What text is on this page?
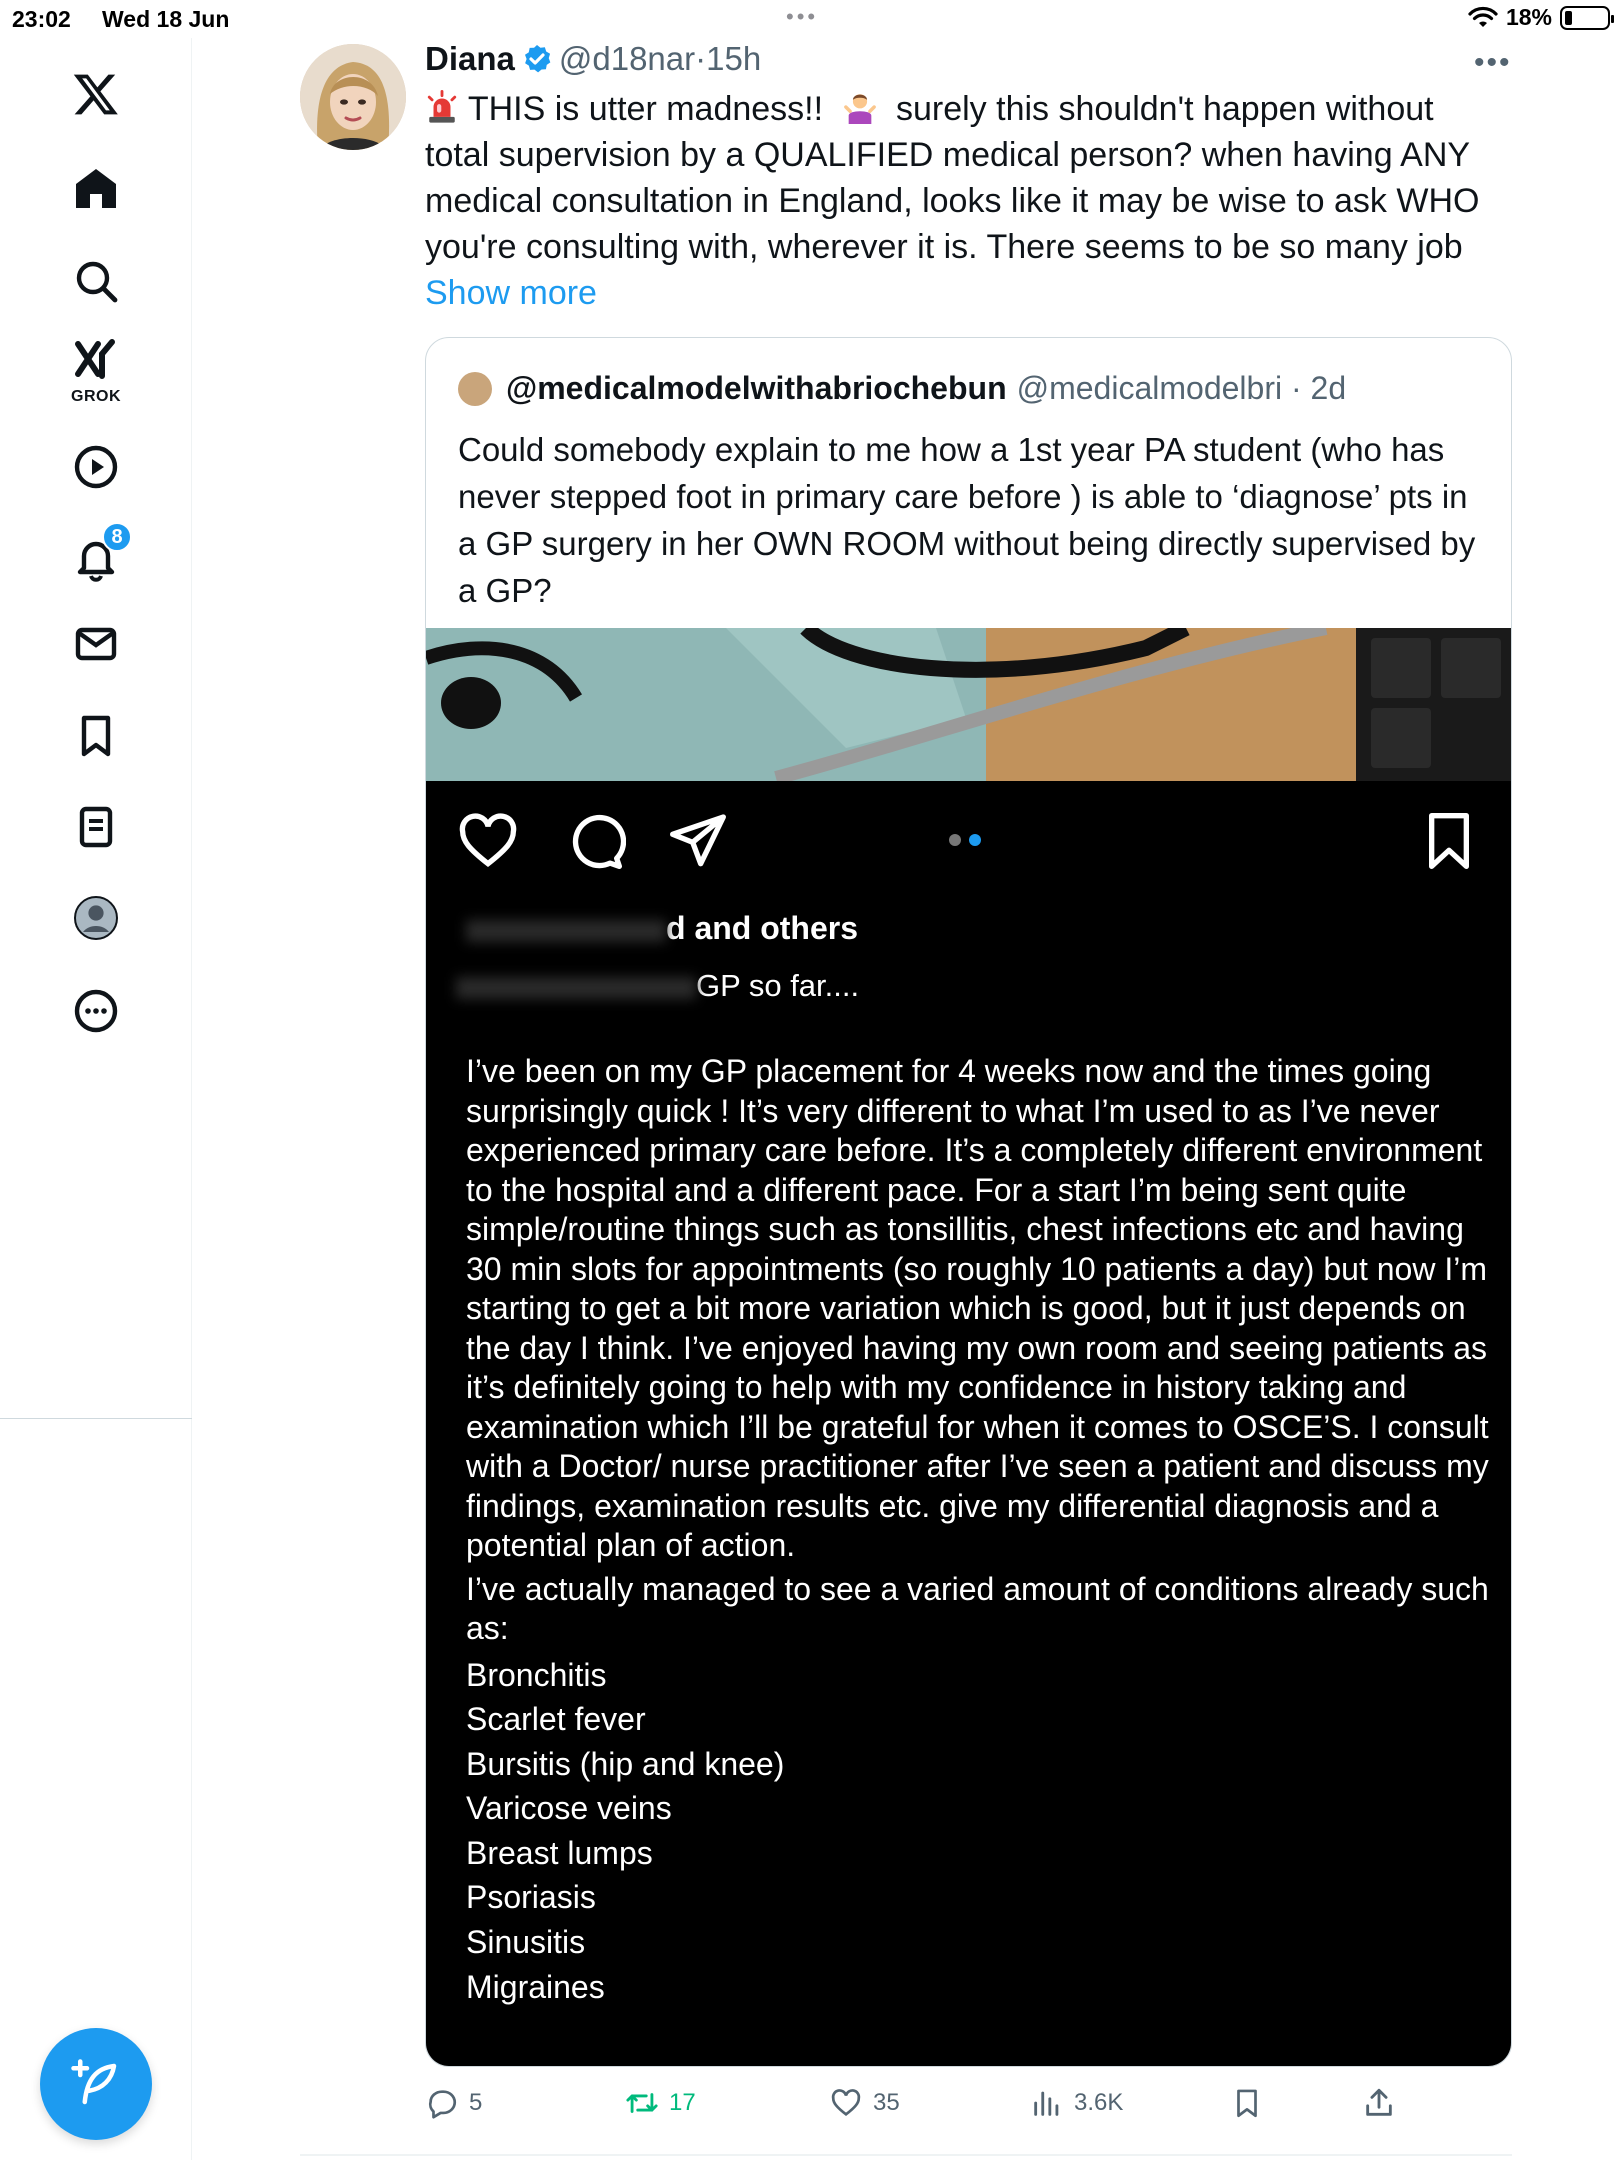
23:02 Wed 18 Jun	•••	18%
GROK
8
Diana @d18nar · 15h	•••
THIS is utter madness!! surely this shouldn't happen without total supervision by a QUALIFIED medical person? when having ANY medical consultation in England, looks like it may be wise to ask WHO you're consulting with, wherever it is. There seems to be so many job Show more
@medicalmodelwithabriochebun @medicalmodelbri · 2d
Could somebody explain to me how a 1st year PA student (who has never stepped foot in primary care before ) is able to ‘diagnose’ pts in a GP surgery in her OWN ROOM without being directly supervised by a GP?
d and others
GP so far....
I’ve been on my GP placement for 4 weeks now and the times going surprisingly quick ! It’s very different to what I’m used to as I’ve never experienced primary care before. It’s a completely different environment to the hospital and a different pace. For a start I’m being sent quite simple/routine things such as tonsillitis, chest infections etc and having 30 min slots for appointments (so roughly 10 patients a day) but now I’m starting to get a bit more variation which is good, but it just depends on the day I think. I’ve enjoyed having my own room and seeing patients as it’s definitely going to help with my confidence in history taking and examination which I’ll be grateful for when it comes to OSCE’S. I consult with a Doctor/ nurse practitioner after I’ve seen a patient and discuss my findings, examination results etc. give my differential diagnosis and a potential plan of action.
I’ve actually managed to see a varied amount of conditions already such as:
Bronchitis
Scarlet fever
Bursitis (hip and knee)
Varicose veins
Breast lumps
Psoriasis
Sinusitis
Migraines
5	17	35	3.6K
